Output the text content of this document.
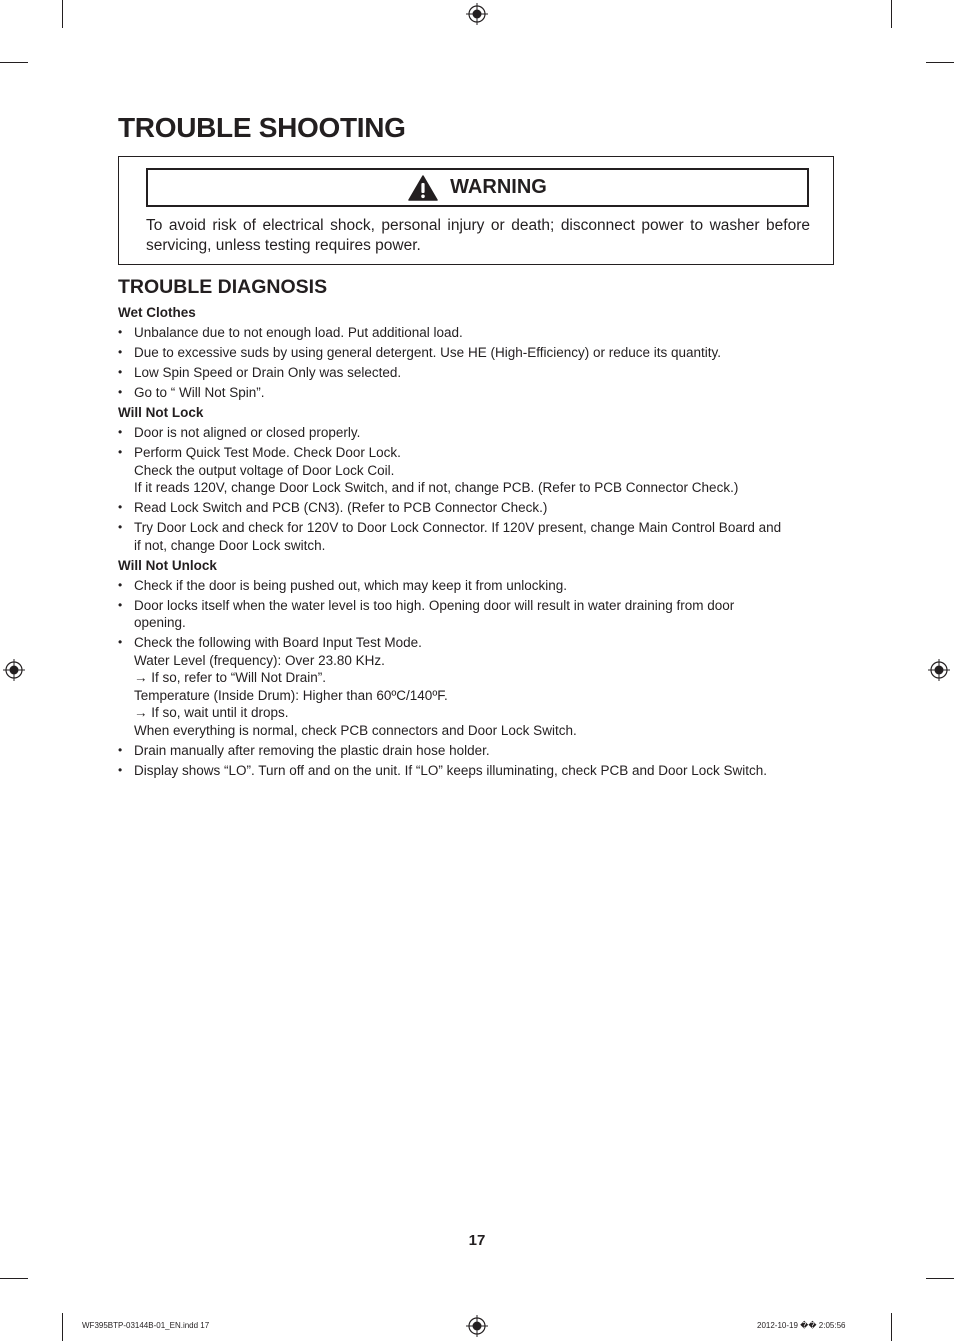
TROUBLE SHOOTING
WARNING

To avoid risk of electrical shock, personal injury or death; disconnect power to washer before servicing, unless testing requires power.

TROUBLE DIAGNOSIS
Wet Clothes
• Unbalance due to not enough load. Put additional load.
• Due to excessive suds by using general detergent. Use HE (High-Efficiency) or reduce its quantity.
• Low Spin Speed or Drain Only was selected.
• Go to “ Will Not Spin”.
Will Not Lock
• Door is not aligned or closed properly.
• Perform Quick Test Mode. Check Door Lock.
Check the output voltage of Door Lock Coil.
If it reads 120V, change Door Lock Switch, and if not, change PCB. (Refer to PCB Connector Check.)
• Read Lock Switch and PCB (CN3). (Refer to PCB Connector Check.)
• Try Door Lock and check for 120V to Door Lock Connector. If 120V present, change Main Control Board and
if not, change Door Lock switch.
Will Not Unlock
• Check if the door is being pushed out, which may keep it from unlocking.
• Door locks itself when the water level is too high. Opening door will result in water draining from door
opening.
• Check the following with Board Input Test Mode.
Water Level (frequency): Over 23.80 KHz.
→ If so, refer to “Will Not Drain”.
Temperature (Inside Drum): Higher than 60ºC/140ºF.
→ If so, wait until it drops.
When everything is normal, check PCB connectors and Door Lock Switch.
• Drain manually after removing the plastic drain hose holder.
• Display shows “LO”. Turn off and on the unit. If “LO” keeps illuminating, check PCB and Door Lock Switch.
17
WF395BTP-03144B-01_EN.indd 17	2012-10-19 �� 2:05:56
